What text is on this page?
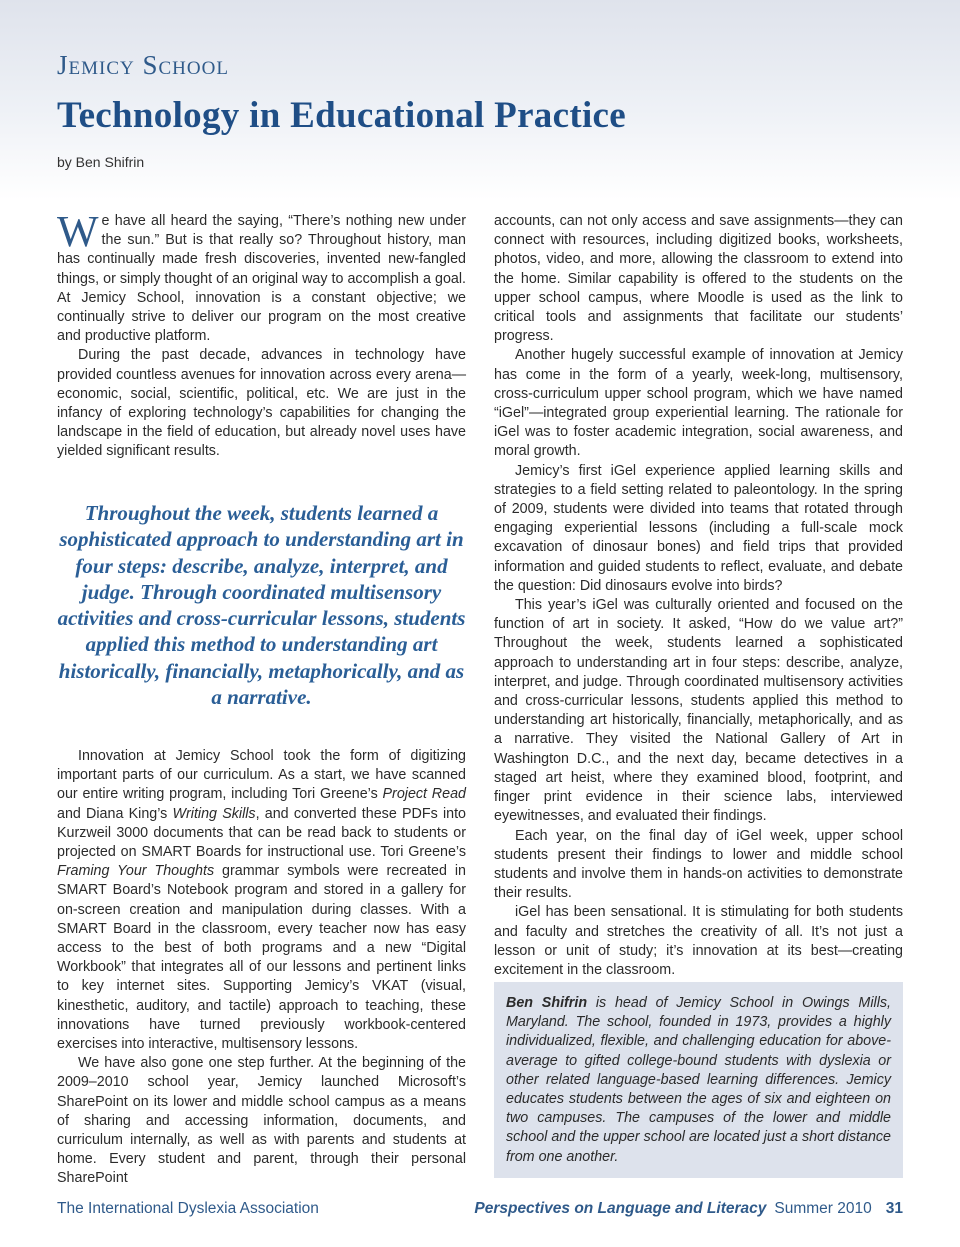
Jemicy School
Technology in Educational Practice

by Ben Shifrin

We have all heard the saying, “There’s nothing new under the sun.” But is that really so? Throughout history, man has continually made fresh discoveries, invented new-fangled things, or simply thought of an original way to accomplish a goal. At Jemicy School, innovation is a constant objective; we continually strive to deliver our program on the most creative and productive platform.

During the past decade, advances in technology have provided countless avenues for innovation across every arena—economic, social, scientific, political, etc. We are just in the infancy of exploring technology’s capabilities for changing the landscape in the field of education, but already novel uses have yielded significant results.

Throughout the week, students learned a sophisticated approach to understanding art in four steps: describe, analyze, interpret, and judge. Through coordinated multisensory activities and cross-curricular lessons, students applied this method to understanding art historically, financially, metaphorically, and as a narrative.

Innovation at Jemicy School took the form of digitizing important parts of our curriculum. As a start, we have scanned our entire writing program, including Tori Greene’s Project Read and Diana King’s Writing Skills, and converted these PDFs into Kurzweil 3000 documents that can be read back to students or projected on SMART Boards for instructional use. Tori Greene’s Framing Your Thoughts grammar symbols were recreated in SMART Board’s Notebook program and stored in a gallery for on-screen creation and manipulation during classes. With a SMART Board in the classroom, every teacher now has easy access to the best of both programs and a new “Digital Workbook” that integrates all of our lessons and pertinent links to key internet sites. Supporting Jemicy’s VKAT (visual, kinesthetic, auditory, and tactile) approach to teaching, these innovations have turned previously workbook-centered exercises into interactive, multisensory lessons.

We have also gone one step further. At the beginning of the 2009–2010 school year, Jemicy launched Microsoft’s SharePoint on its lower and middle school campus as a means of sharing and accessing information, documents, and curriculum internally, as well as with parents and students at home. Every student and parent, through their personal SharePoint

accounts, can not only access and save assignments—they can connect with resources, including digitized books, worksheets, photos, video, and more, allowing the classroom to extend into the home. Similar capability is offered to the students on the upper school campus, where Moodle is used as the link to critical tools and assignments that facilitate our students’ progress.

Another hugely successful example of innovation at Jemicy has come in the form of a yearly, week-long, multisensory, cross-curriculum upper school program, which we have named “iGel”—integrated group experiential learning. The rationale for iGel was to foster academic integration, social awareness, and moral growth.

Jemicy’s first iGel experience applied learning skills and strategies to a field setting related to paleontology. In the spring of 2009, students were divided into teams that rotated through engaging experiential lessons (including a full-scale mock excavation of dinosaur bones) and field trips that provided information and guided students to reflect, evaluate, and debate the question: Did dinosaurs evolve into birds?

This year’s iGel was culturally oriented and focused on the function of art in society. It asked, “How do we value art?” Throughout the week, students learned a sophisticated approach to understanding art in four steps: describe, analyze, interpret, and judge. Through coordinated multisensory activities and cross-curricular lessons, students applied this method to understanding art historically, financially, metaphorically, and as a narrative. They visited the National Gallery of Art in Washington D.C., and the next day, became detectives in a staged art heist, where they examined blood, footprint, and finger print evidence in their science labs, interviewed eyewitnesses, and evaluated their findings.

Each year, on the final day of iGel week, upper school students present their findings to lower and middle school students and involve them in hands-on activities to demonstrate their results.

iGel has been sensational. It is stimulating for both students and faculty and stretches the creativity of all. It’s not just a lesson or unit of study; it’s innovation at its best—creating excitement in the classroom.

Ben Shifrin is head of Jemicy School in Owings Mills, Maryland. The school, founded in 1973, provides a highly individualized, flexible, and challenging education for above-average to gifted college-bound students with dyslexia or other related language-based learning differences. Jemicy educates students between the ages of six and eighteen on two campuses. The campuses of the lower and middle school and the upper school are located just a short distance from one another.

The International Dyslexia Association	Perspectives on Language and Literacy Summer 2010 31
